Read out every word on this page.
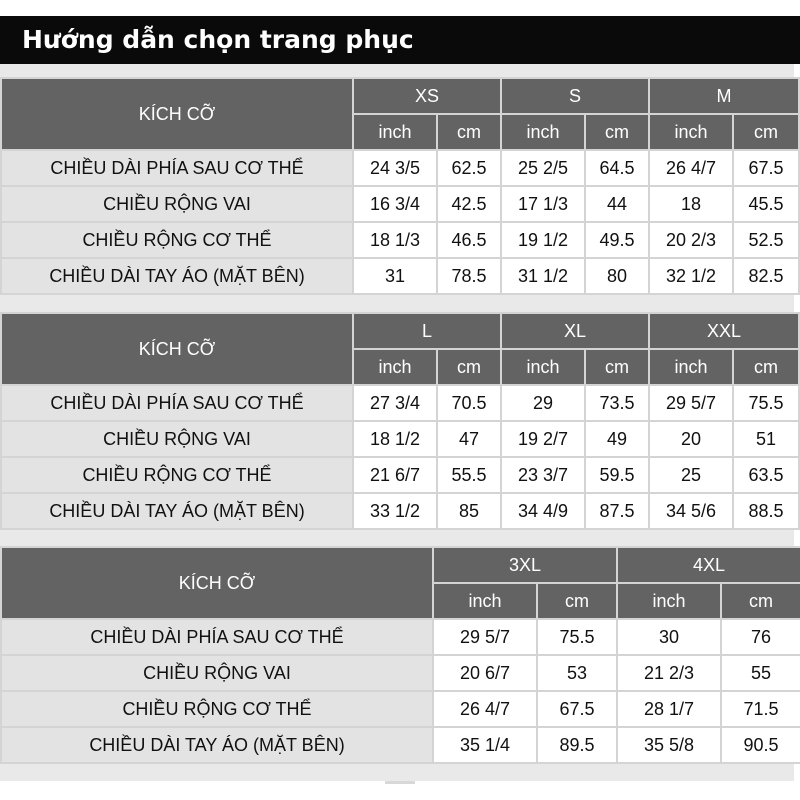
Hướng dẫn chọn trang phục
KÍCH CỠ	XS		S		M	
	inch	cm	inch	cm	inch	cm
CHIỀU DÀI PHÍA SAU CƠ THỂ	24 3/5	62.5	25 2/5	64.5	26 4/7	67.5
CHIỀU RỘNG VAI	16 3/4	42.5	17 1/3	44	18	45.5
CHIỀU RỘNG CƠ THỂ	18 1/3	46.5	19 1/2	49.5	20 2/3	52.5
CHIỀU DÀI TAY ÁO (MẶT BÊN)	31	78.5	31 1/2	80	32 1/2	82.5
KÍCH CỠ	L		XL		XXL	
	inch	cm	inch	cm	inch	cm
CHIỀU DÀI PHÍA SAU CƠ THỂ	27 3/4	70.5	29	73.5	29 5/7	75.5
CHIỀU RỘNG VAI	18 1/2	47	19 2/7	49	20	51
CHIỀU RỘNG CƠ THỂ	21 6/7	55.5	23 3/7	59.5	25	63.5
CHIỀU DÀI TAY ÁO (MẶT BÊN)	33 1/2	85	34 4/9	87.5	34 5/6	88.5
KÍCH CỠ	3XL		4XL	
	inch	cm	inch	cm
CHIỀU DÀI PHÍA SAU CƠ THỂ	29 5/7	75.5	30	76
CHIỀU RỘNG VAI	20 6/7	53	21 2/3	55
CHIỀU RỘNG CƠ THỂ	26 4/7	67.5	28 1/7	71.5
CHIỀU DÀI TAY ÁO (MẶT BÊN)	35 1/4	89.5	35 5/8	90.5
